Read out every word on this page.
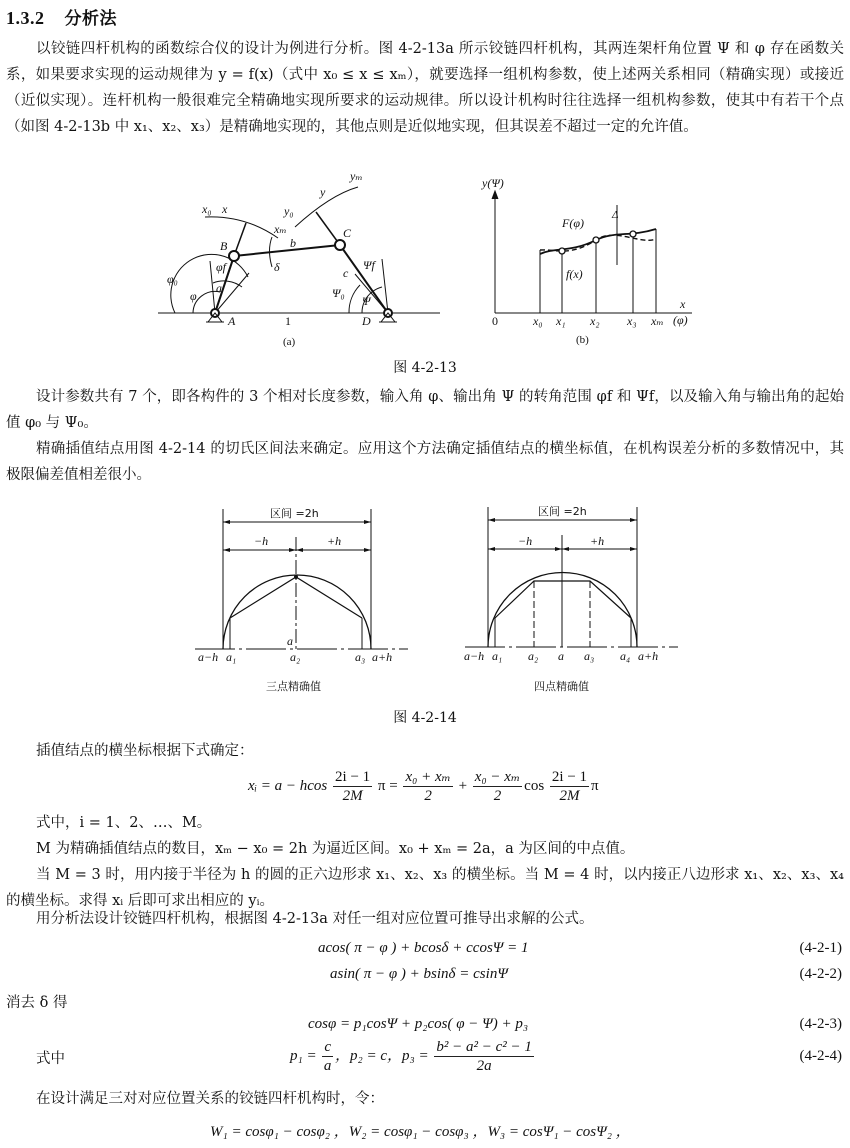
1.3.2 分析法
以铰链四杆机构的函数综合仪的设计为例进行分析。图 4-2-13a 所示铰链四杆机构，其两连架杆角位置 Ψ 和 φ 存在函数关系，如果要求实现的运动规律为 y = f(x)（式中 x₀ ≤ x ≤ xₘ），就要选择一组机构参数，使上述两关系相同（精确实现）或接近（近似实现）。连杆机构一般很难完全精确地实现所要求的运动规律。所以设计机构时往往选择一组机构参数，使其中有若干个点（如图 4-2-13b 中 x₁、x₂、x₃）是精确地实现的，其他点则是近似地实现，但其误差不超过一定的允许值。
x₀ x
xₘ
y₀
y
yₘ
B
C
A	D
a
b
c
1
δ
φ
φ₀
φf
Ψ
Ψ₀
Ψf
(a)
y(Ψ)
x
(φ)
0	x₀ x₁ x₂ x₃ xₘ
F(φ)
f(x)
Δ
(b)
图 4-2-13
设计参数共有 7 个，即各构件的 3 个相对长度参数，输入角 φ、输出角 Ψ 的转角范围 φf 和 Ψf，以及输入角与输出角的起始值 φ₀ 与 Ψ₀。
精确插值结点用图 4-2-14 的切氏区间法来确定。应用这个方法确定插值结点的横坐标值，在机构误差分析的多数情况中，其极限偏差值相差很小。
区间 =2h
−h	+h
a
a−h a₁	a₂	a₃ a+h
三点精确值
区间 =2h
−h	+h
a−h a₁ a₂ a a₃ a₄ a+h
四点精确值
图 4-2-14
插值结点的横坐标根据下式确定：
xᵢ = a − hcos $\frac{2i - 1}{2M}$ $\pi = \frac{\text{x₀ + xₘ}}{2} + \frac{\text{x₀ − xₘ}}{2}$ $\cos \frac{2i - 1}{2M}$ π
式中，i = 1、2、…、M。
M 为精确插值结点的数目，xₘ − x₀ = 2h 为逼近区间。x₀ + xₘ = 2a，a 为区间的中点值。
当 M = 3 时，用内接于半径为 h 的圆的正六边形求 x₁、x₂、x₃ 的横坐标。当 M = 4 时，以内接正八边形求 x₁、x₂、x₃、x₄ 的横坐标。求得 xᵢ 后即可求出相应的 yᵢ。
用分析法设计铰链四杆机构，根据图 4-2-13a 对任一组对应位置可推导出求解的公式。
acos( π − φ ) + bcosδ + ccosΨ = 1	(4-2-1)
asin( π − φ ) + bsinδ = csinΨ	(4-2-2)
消去 δ 得
cosφ = p₁cosΨ + p₂cos( φ − Ψ) + p₃	(4-2-3)
式中	$p_1 = \frac{c}{a}$ ，p₂ = c，$p_3 = \frac{\text{b² − a² − c² − 1}}{2a}$	(4-2-4)
在设计满足三对对应位置关系的铰链四杆机构时，令：
W₁ = cosφ₁ − cosφ₂ ，W₂ = cosφ₁ − cosφ₃ ，W₃ = cosΨ₁ − cosΨ₂ ，
